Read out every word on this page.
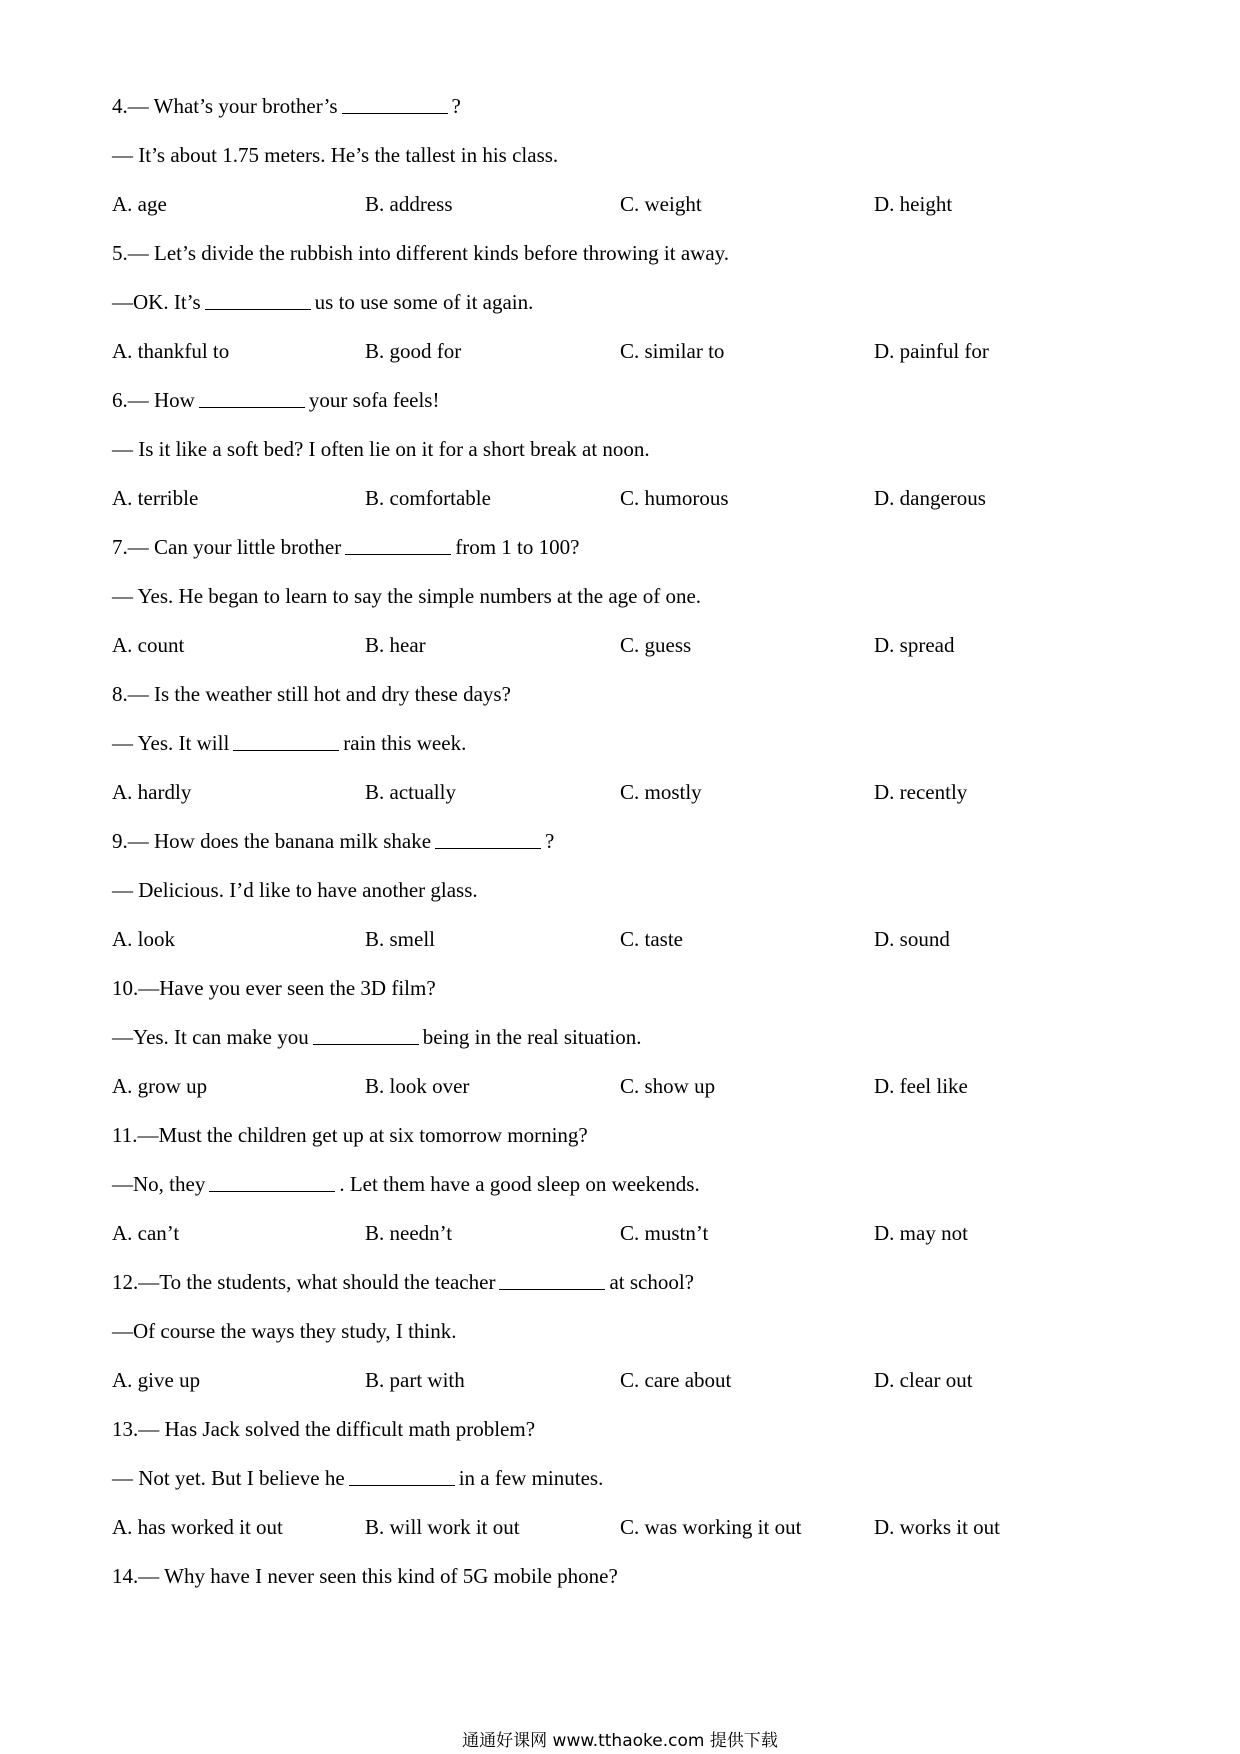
4.— What’s your brother’s	?
— It’s about 1.75 meters. He’s the tallest in his class.
A. age	B. address	C. weight	D. height
5.— Let’s divide the rubbish into different kinds before throwing it away.
—OK. It’s	us to use some of it again.
A. thankful to	B. good for	C. similar to	D. painful for
6.— How	your sofa feels!
— Is it like a soft bed? I often lie on it for a short break at noon.
A. terrible	B. comfortable	C. humorous	D. dangerous
7.— Can your little brother	from 1 to 100?
— Yes. He began to learn to say the simple numbers at the age of one.
A. count	B. hear	C. guess	D. spread
8.— Is the weather still hot and dry these days?
— Yes. It will	rain this week.
A. hardly	B. actually	C. mostly	D. recently
9.— How does the banana milk shake	?
— Delicious. I’d like to have another glass.
A. look	B. smell	C. taste	D. sound
10.—Have you ever seen the 3D film?
—Yes. It can make you	being in the real situation.
A. grow up	B. look over	C. show up	D. feel like
11.—Must the children get up at six tomorrow morning?
—No, they	. Let them have a good sleep on weekends.
A. can’t	B. needn’t	C. mustn’t	D. may not
12.—To the students, what should the teacher	at school?
—Of course the ways they study, I think.
A. give up	B. part with	C. care about	D. clear out
13.— Has Jack solved the difficult math problem?
— Not yet. But I believe he	in a few minutes.
A. has worked it out	B. will work it out	C. was working it out	D. works it out
14.— Why have I never seen this kind of 5G mobile phone?
通通好课网 www.tthaoke.com 提供下载
